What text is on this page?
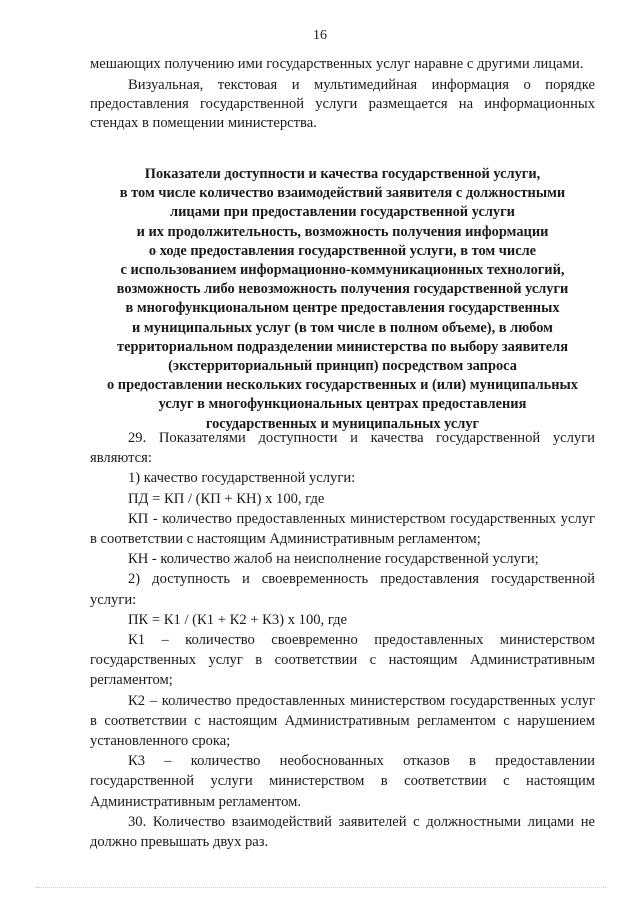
16

мешающих получению ими государственных услуг наравне с другими лицами.

Визуальная, текстовая и мультимедийная информация о порядке предоставления государственной услуги размещается на информационных стендах в помещении министерства.

Показатели доступности и качества государственной услуги,
в том числе количество взаимодействий заявителя с должностными
лицами при предоставлении государственной услуги
и их продолжительность, возможность получения информации
о ходе предоставления государственной услуги, в том числе
с использованием информационно-коммуникационных технологий,
возможность либо невозможность получения государственной услуги
в многофункциональном центре предоставления государственных
и муниципальных услуг (в том числе в полном объеме), в любом
территориальном подразделении министерства по выбору заявителя
(экстерриториальный принцип) посредством запроса
о предоставлении нескольких государственных и (или) муниципальных
услуг в многофункциональных центрах предоставления
государственных и муниципальных услуг

29. Показателями доступности и качества государственной услуги являются:

1) качество государственной услуги:

ПД = КП / (КП + КН) х 100, где

КП - количество предоставленных министерством государственных услуг в соответствии с настоящим Административным регламентом;

КН - количество жалоб на неисполнение государственной услуги;

2) доступность и своевременность предоставления государственной услуги:

ПК = К1 / (К1 + К2 + К3) х 100, где

К1 – количество своевременно предоставленных министерством государственных услуг в соответствии с настоящим Административным регламентом;

К2 – количество предоставленных министерством государственных услуг в соответствии с настоящим Административным регламентом с нарушением установленного срока;

К3 – количество необоснованных отказов в предоставлении государственной услуги министерством в соответствии с настоящим Административным регламентом.

30. Количество взаимодействий заявителей с должностными лицами не должно превышать двух раз.
